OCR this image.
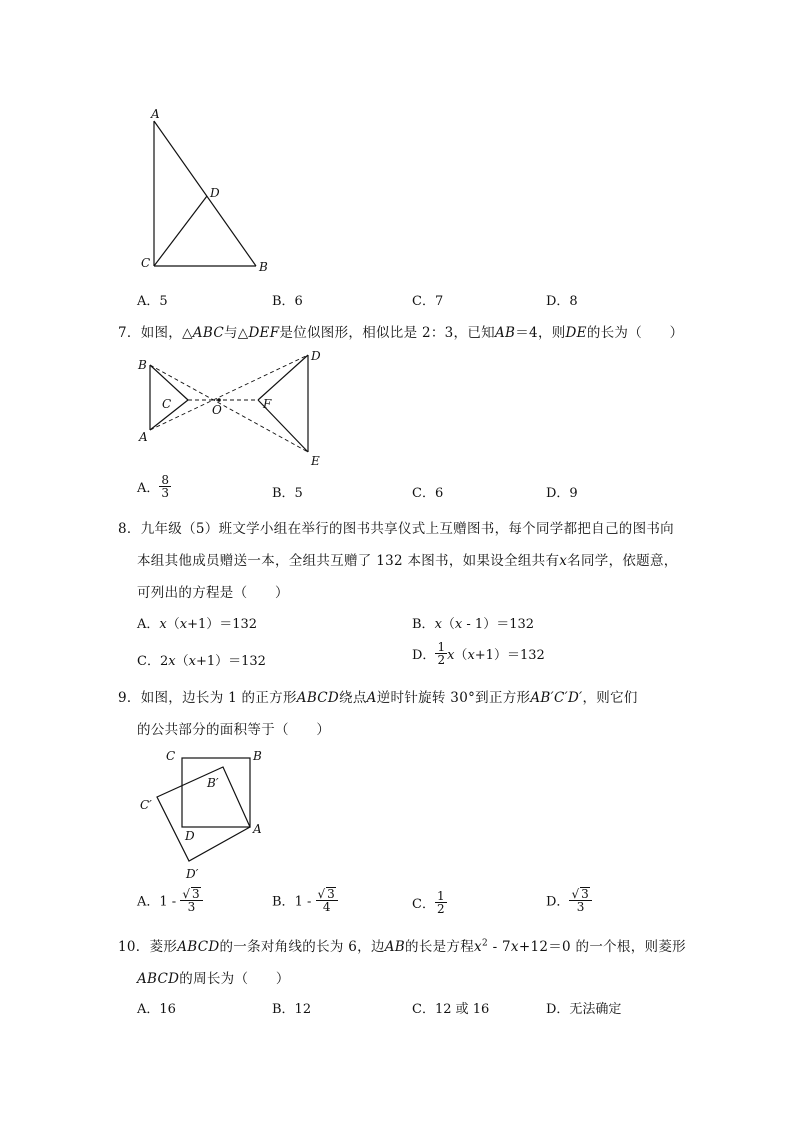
A
D
C	B
A．5	B．6	C．7	D．8
7．如图，△ABC与△DEF是位似图形，相似比是 2：3，已知AB＝4，则DE的长为（　　）
B
C
A
O	F
D
E
A． $\frac{8}{3}$	B．5	C．6	D．9
8．九年级（5）班文学小组在举行的图书共享仪式上互赠图书，每个同学都把自己的图书向
本组其他成员赠送一本，全组共互赠了 132 本图书，如果设全组共有x名同学，依题意，
可列出的方程是（　　）
A．x（x+1）＝132	B．x（x - 1）＝132
C．2x（x+1）＝132	D． $\frac{1}{2} x(x+1)=132$
9．如图，边长为 1 的正方形ABCD绕点A逆时针旋转 30°到正方形AB′C′D′，则它们
的公共部分的面积等于（　　）
C	B
B′
C′
D	A
D′
A．$1 - \frac{√ 3}{3}$	B．$1 - \frac{√ 3}{4}$	C． $\frac{1}{2}$	D． $\frac{√ 3}{3}$
10．菱形ABCD的一条对角线的长为 6，边AB的长是方程$x^2 - 7x+12=0$ 的一个根，则菱形
ABCD的周长为（　　）
A．16	B．12	C．12 或 16	D．无法确定
